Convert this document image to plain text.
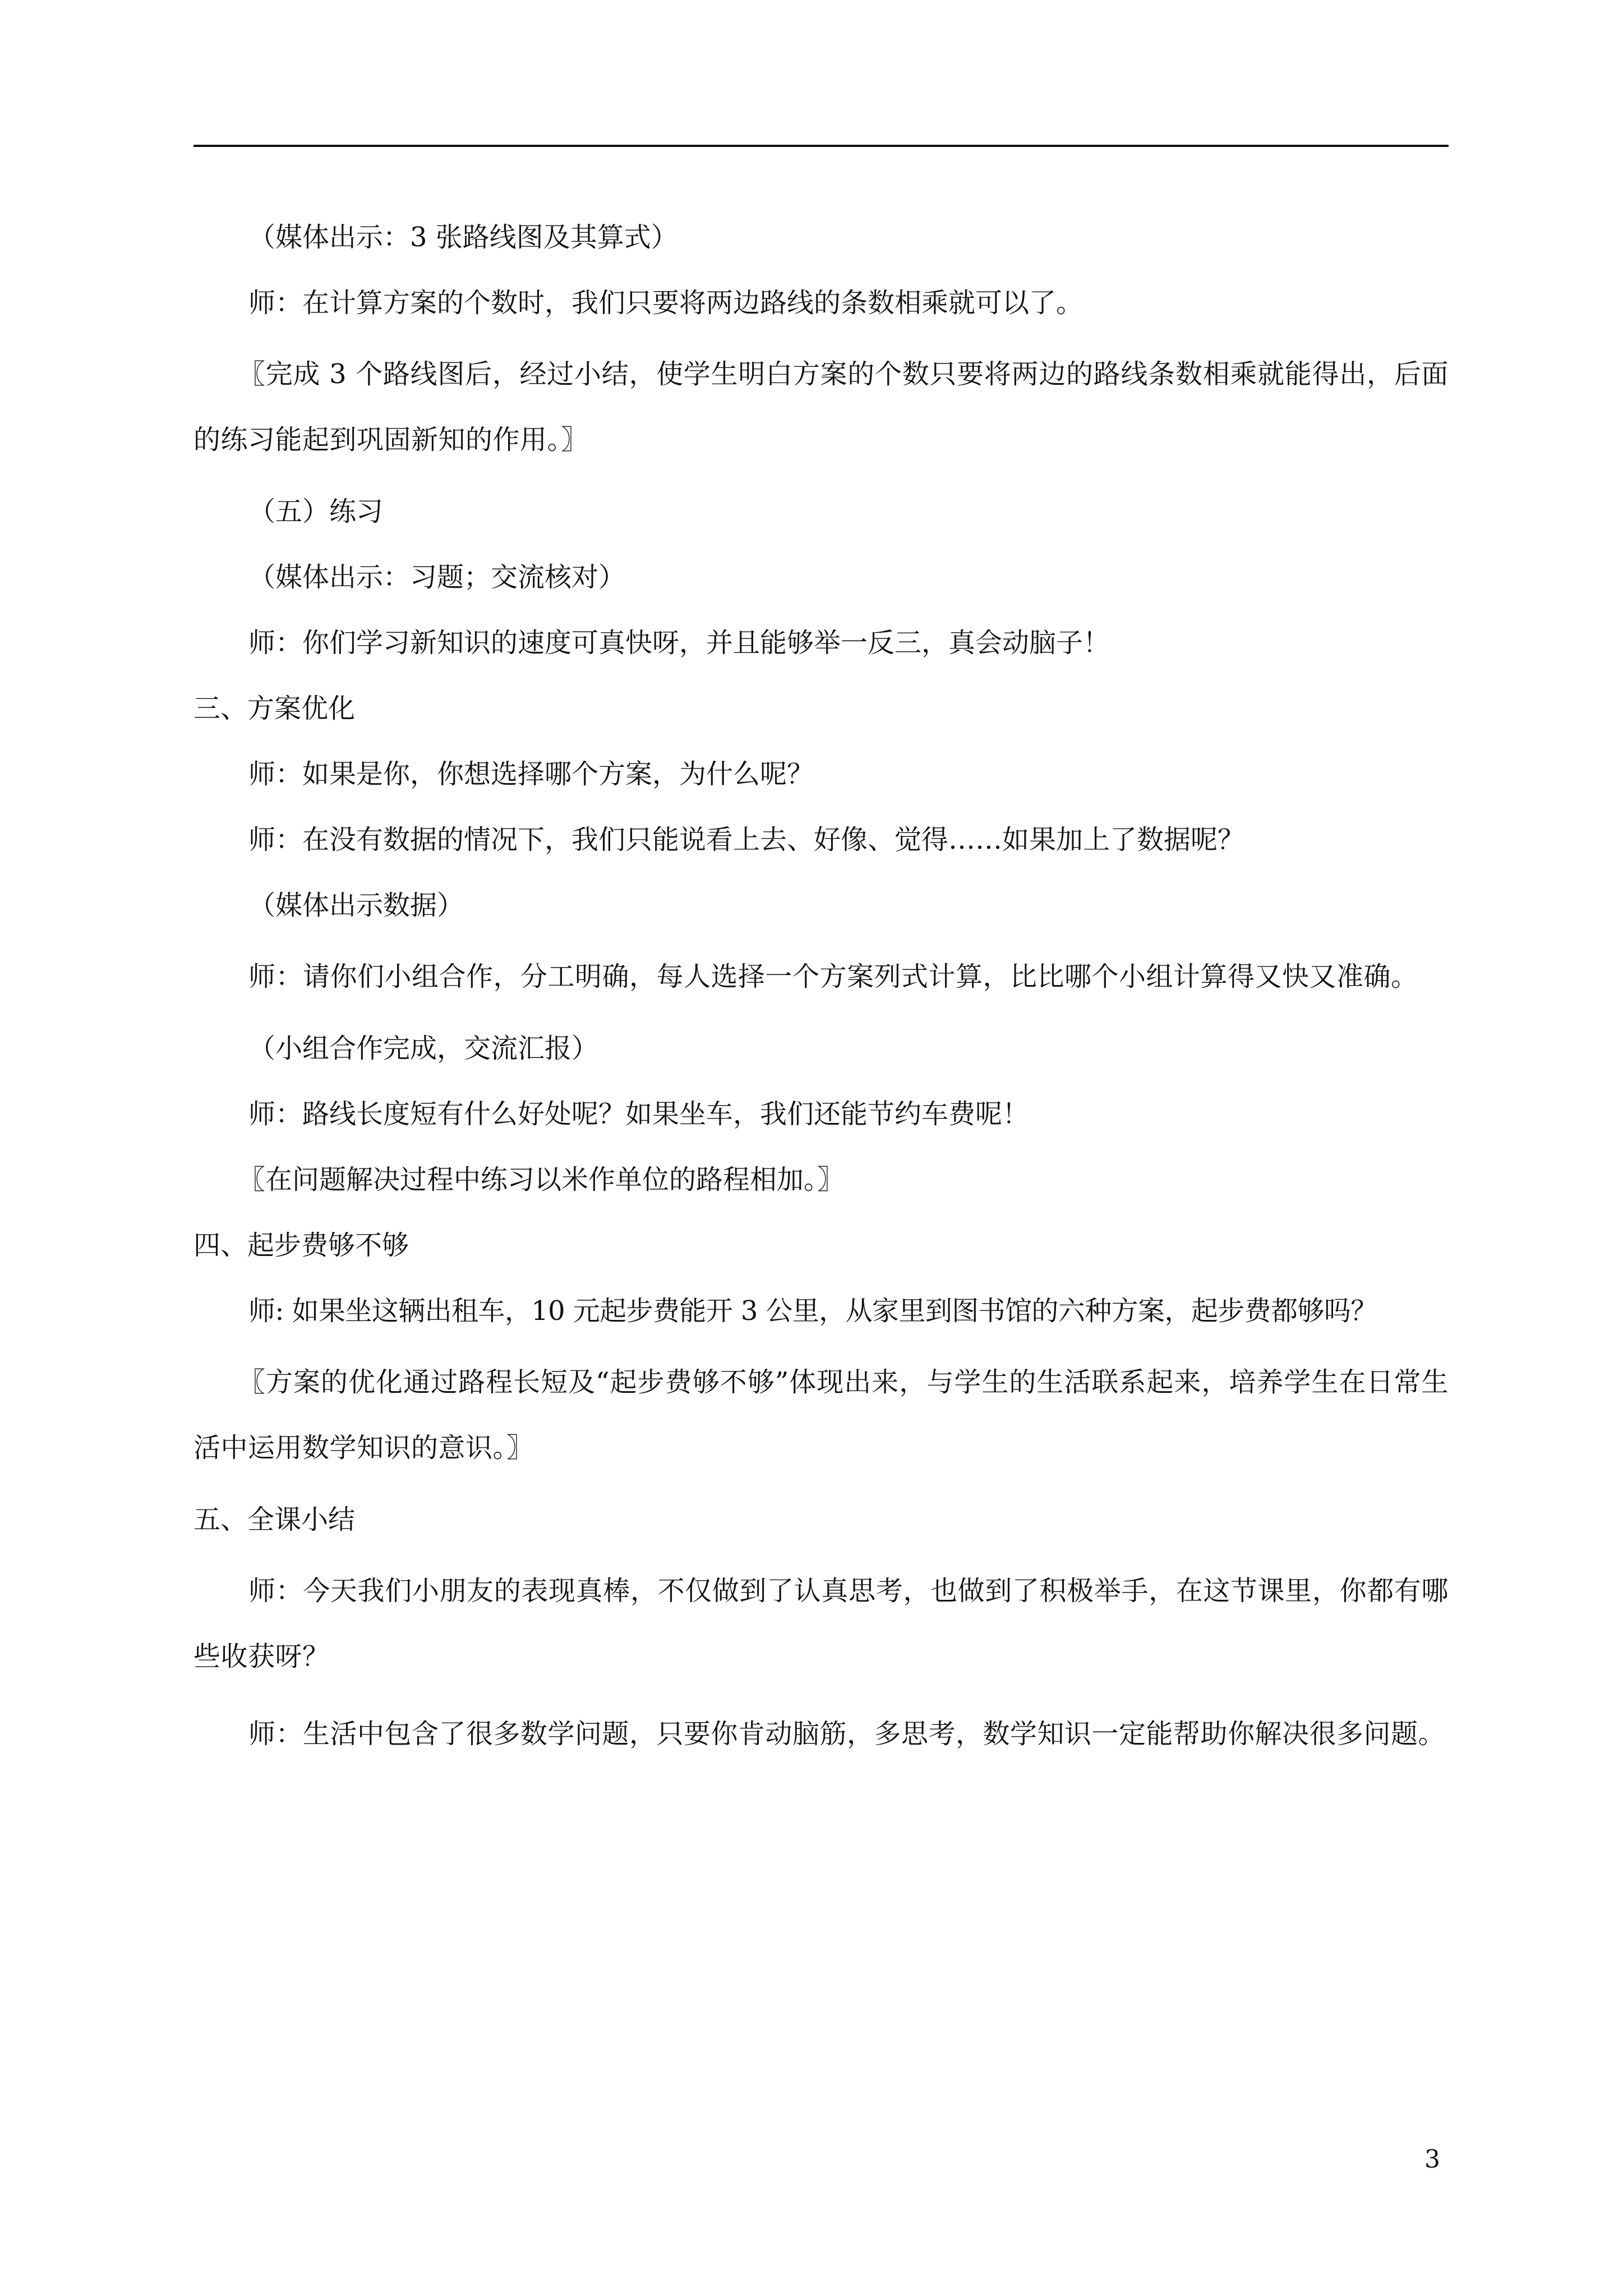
（媒体出示：3 张路线图及其算式）

师：在计算方案的个数时，我们只要将两边路线的条数相乘就可以了。

〖完成 3 个路线图后，经过小结，使学生明白方案的个数只要将两边的路线条数相乘就能得出，后面的练习能起到巩固新知的作用。〗

（五）练习

（媒体出示：习题；交流核对）

师：你们学习新知识的速度可真快呀，并且能够举一反三，真会动脑子！

三、方案优化

师：如果是你，你想选择哪个方案，为什么呢？

师：在没有数据的情况下，我们只能说看上去、好像、觉得……如果加上了数据呢？

（媒体出示数据）

师：请你们小组合作，分工明确，每人选择一个方案列式计算，比比哪个小组计算得又快又准确。

（小组合作完成，交流汇报）

师：路线长度短有什么好处呢？如果坐车，我们还能节约车费呢！

〖在问题解决过程中练习以米作单位的路程相加。〗

四、起步费够不够

师: 如果坐这辆出租车，10 元起步费能开 3 公里，从家里到图书馆的六种方案，起步费都够吗？

〖方案的优化通过路程长短及“起步费够不够”体现出来，与学生的生活联系起来，培养学生在日常生活中运用数学知识的意识。〗

五、全课小结

师：今天我们小朋友的表现真棒，不仅做到了认真思考，也做到了积极举手，在这节课里，你都有哪些收获呀？

师：生活中包含了很多数学问题，只要你肯动脑筋，多思考，数学知识一定能帮助你解决很多问题。

3
